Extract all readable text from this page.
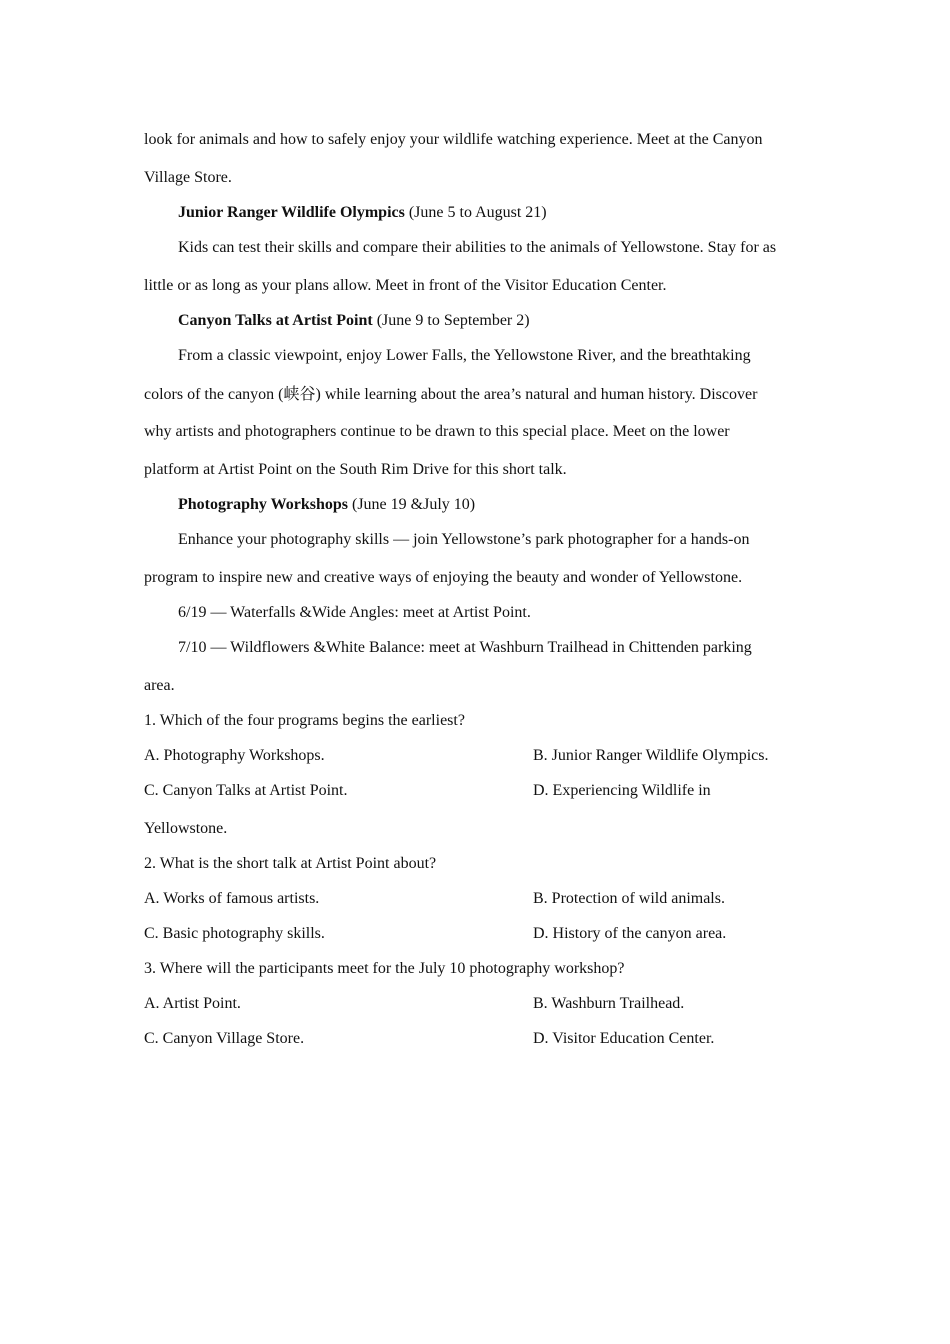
look for animals and how to safely enjoy your wildlife watching experience. Meet at the Canyon
Village Store.
Junior Ranger Wildlife Olympics (June 5 to August 21)
Kids can test their skills and compare their abilities to the animals of Yellowstone. Stay for as
little or as long as your plans allow. Meet in front of the Visitor Education Center.
Canyon Talks at Artist Point (June 9 to September 2)
From a classic viewpoint, enjoy Lower Falls, the Yellowstone River, and the breathtaking
colors of the canyon (峡谷) while learning about the area’s natural and human history. Discover
why artists and photographers continue to be drawn to this special place. Meet on the lower
platform at Artist Point on the South Rim Drive for this short talk.
Photography Workshops (June 19 &July 10)
Enhance your photography skills — join Yellowstone’s park photographer for a hands-on
program to inspire new and creative ways of enjoying the beauty and wonder of Yellowstone.
6/19 — Waterfalls &Wide Angles: meet at Artist Point.
7/10 — Wildflowers &White Balance: meet at Washburn Trailhead in Chittenden parking
area.
1. Which of the four programs begins the earliest?
A. Photography Workshops.	B. Junior Ranger Wildlife Olympics.
C. Canyon Talks at Artist Point.	D. Experiencing Wildlife in
Yellowstone.
2. What is the short talk at Artist Point about?
A. Works of famous artists.	B. Protection of wild animals.
C. Basic photography skills.	D. History of the canyon area.
3. Where will the participants meet for the July 10 photography workshop?
A. Artist Point.	B. Washburn Trailhead.
C. Canyon Village Store.	D. Visitor Education Center.
